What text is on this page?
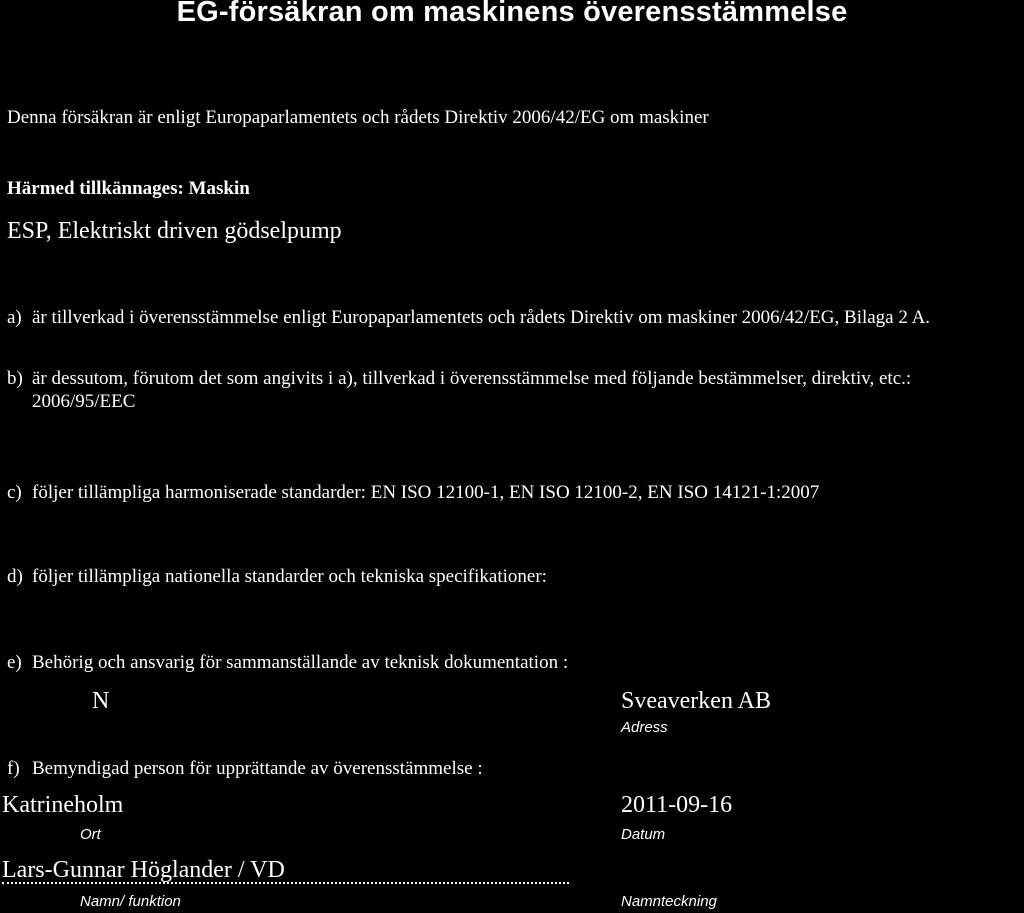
EG-försäkran om maskinens överensstämmelse
Denna försäkran är enligt Europaparlamentets och rådets Direktiv 2006/42/EG om maskiner
Härmed tillkännages: Maskin
ESP, Elektriskt driven gödselpump
a) är tillverkad i överensstämmelse enligt Europaparlamentets och rådets Direktiv om maskiner 2006/42/EG, Bilaga 2 A.
b) är dessutom, förutom det som angivits i a), tillverkad i överensstämmelse med följande bestämmelser, direktiv, etc.: 2006/95/EEC
c) följer tillämpliga harmoniserade standarder: EN ISO 12100-1, EN ISO 12100-2, EN ISO 14121-1:2007
d) följer tillämpliga nationella standarder och tekniska specifikationer:
e) Behörig och ansvarig för sammanställande av teknisk dokumentation :
N	Sveaverken AB
Adress
f) Bemyndigad person för upprättande av överensstämmelse :
Katrineholm
Ort
2011-09-16
Datum
Lars-Gunnar Höglander / VD
Namn/ funktion	Namnteckning
